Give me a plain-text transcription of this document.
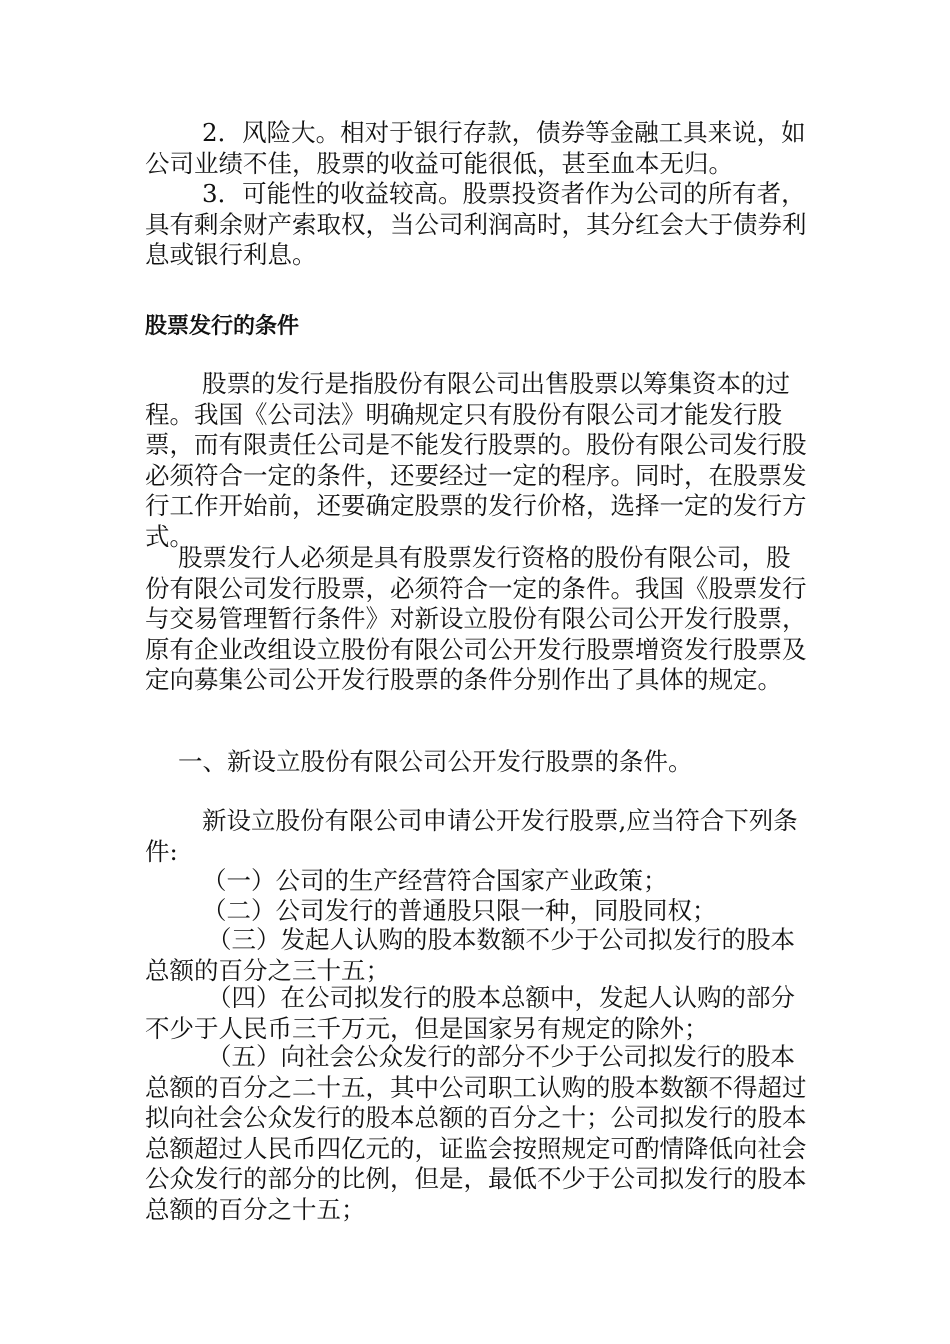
2．风险大。相对于银行存款，债券等金融工具来说，如公司业绩不佳，股票的收益可能很低，甚至血本无归。

3．可能性的收益较高。股票投资者作为公司的所有者，具有剩余财产索取权，当公司利润高时，其分红会大于债券利息或银行利息。

股票发行的条件

股票的发行是指股份有限公司出售股票以筹集资本的过程。我国《公司法》明确规定只有股份有限公司才能发行股票，而有限责任公司是不能发行股票的。股份有限公司发行股必须符合一定的条件，还要经过一定的程序。同时，在股票发行工作开始前，还要确定股票的发行价格，选择一定的发行方式。

股票发行人必须是具有股票发行资格的股份有限公司，股份有限公司发行股票，必须符合一定的条件。我国《股票发行与交易管理暂行条件》对新设立股份有限公司公开发行股票，原有企业改组设立股份有限公司公开发行股票增资发行股票及定向募集公司公开发行股票的条件分别作出了具体的规定。

一、新设立股份有限公司公开发行股票的条件。

新设立股份有限公司申请公开发行股票,应当符合下列条件:

（一）公司的生产经营符合国家产业政策；

（二）公司发行的普通股只限一种，同股同权；

（三）发起人认购的股本数额不少于公司拟发行的股本总额的百分之三十五；

（四）在公司拟发行的股本总额中，发起人认购的部分不少于人民币三千万元，但是国家另有规定的除外；

（五）向社会公众发行的部分不少于公司拟发行的股本总额的百分之二十五，其中公司职工认购的股本数额不得超过拟向社会公众发行的股本总额的百分之十；公司拟发行的股本总额超过人民币四亿元的，证监会按照规定可酌情降低向社会公众发行的部分的比例，但是，最低不少于公司拟发行的股本总额的百分之十五；
